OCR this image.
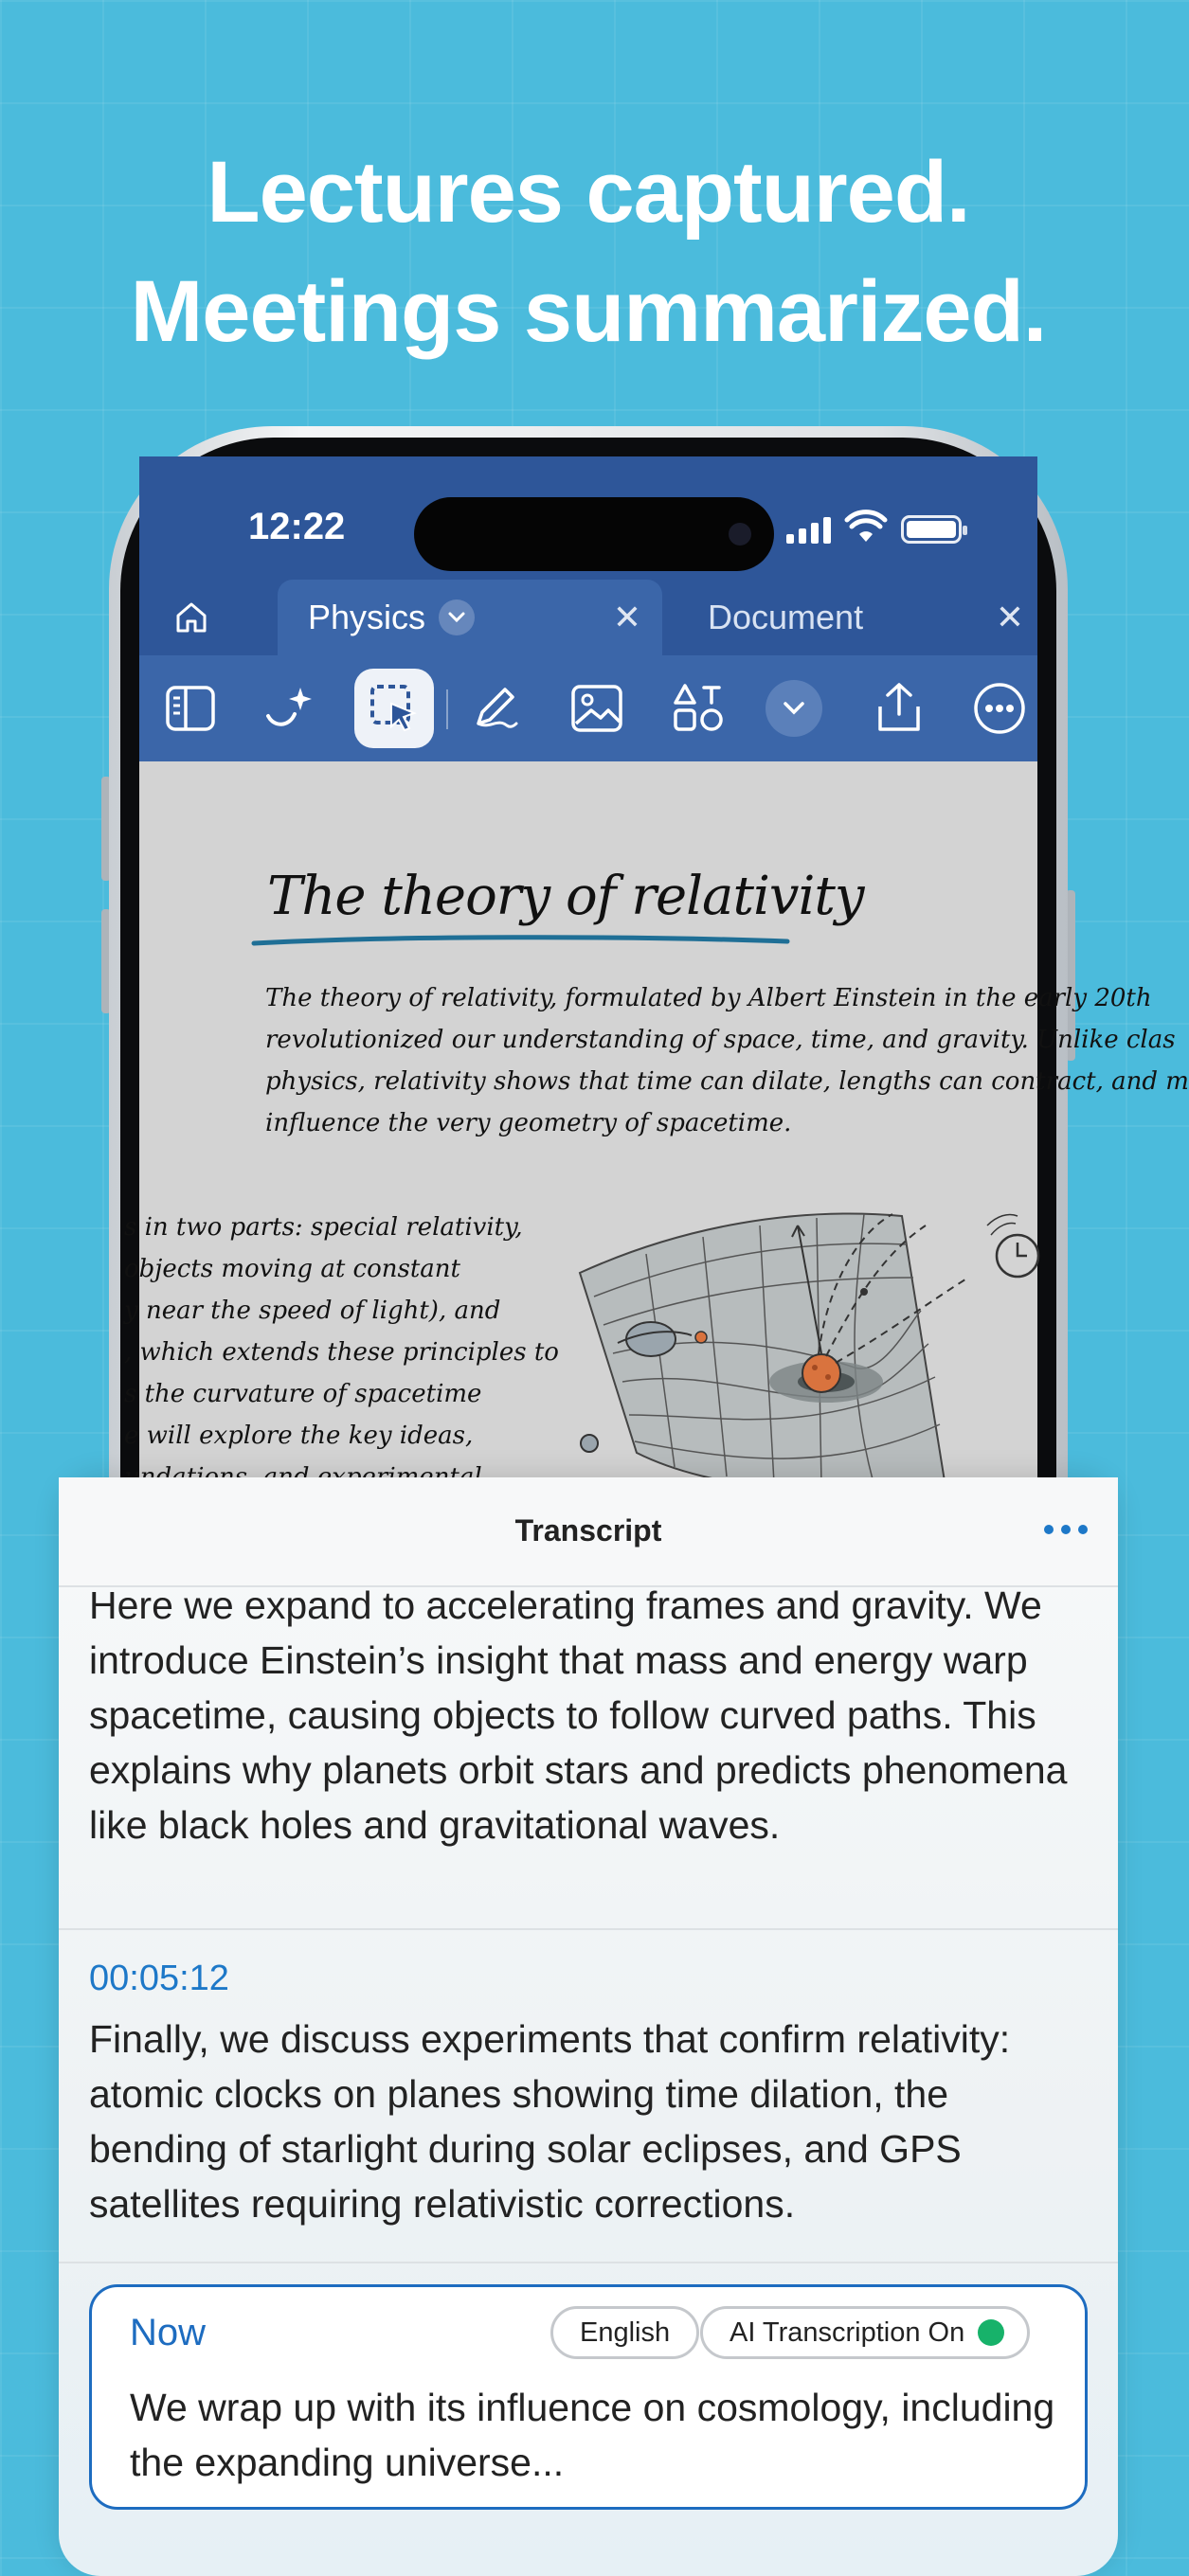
Lectures captured.
Meetings summarized.
12:22
Physics	✕ Document	✕
The theory of relativity
The theory of relativity, formulated by Albert Einstein in the early 20th
revolutionized our understanding of space, time, and gravity. Unlike clas
physics, relativity shows that time can dilate, lengths can contract, and m
influence the very geometry of spacetime.
s in two parts: special relativity,
objects moving at constant
y near the speed of light), and
, which extends these principles to
s the curvature of spacetime
e will explore the key ideas,
Transcript
Here we expand to accelerating frames and gravity. We introduce Einstein’s insight that mass and energy warp spacetime, causing objects to follow curved paths. This explains why planets orbit stars and predicts phenomena like black holes and gravitational waves.
00:05:12
Finally, we discuss experiments that confirm relativity: atomic clocks on planes showing time dilation, the bending of starlight during solar eclipses, and GPS satellites requiring relativistic corrections.
Now	English AI Transcription On
We wrap up with its influence on cosmology, including the expanding universe...
